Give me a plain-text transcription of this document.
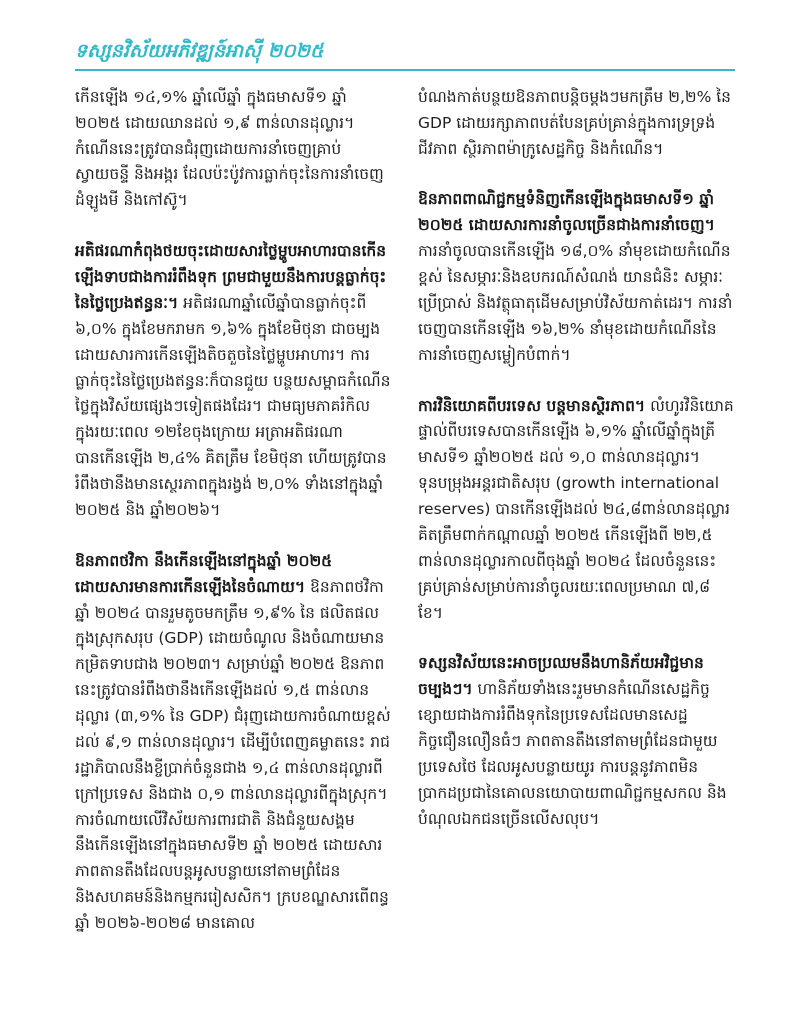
ទស្សនវិស័យអភិវឌ្ឍន៍អាស៊ី ២០២៥

កើនឡើង ១៤,១% ឆ្នាំលើឆ្នាំ ក្នុងធមាសទី១ ឆ្នាំ ២០២៥ ដោយឈានដល់ ១,៩ ពាន់លានដុល្លារ។ កំណើននេះត្រូវបានជំរុញដោយការនាំចេញគ្រាប់ស្វាយចន្ទី និងអង្ករ ដែលប៉ះប៉ូវការធ្លាក់ចុះនៃការនាំចេញដំឡូងមី និងកៅស៊ូ។

អតិផរណាកំពុងថយចុះដោយសារថ្លៃម្ហូបអាហារបានកើនឡើងទាបជាងការរំពឹងទុក ព្រមជាមួយនឹងការបន្តធ្លាក់ចុះនៃថ្លៃប្រេងឥន្ធនៈ។ អតិផរណាឆ្នាំលើឆ្នាំបានធ្លាក់ចុះពី ៦,០% ក្នុងខែមករាមក ១,៦% ក្នុងខែមិថុនា ជាចម្បងដោយសារការកើនឡើងតិចតួចនៃថ្លៃម្ហូបអាហារ។ ការធ្លាក់ចុះនៃថ្លៃប្រេងឥន្ធនៈក៏បានជួយ បន្ថយសម្ពាធកំណើនថ្លៃក្នុងវិស័យផ្សេងៗទៀតផងដែរ។ ជាមធ្យមភាគរំកិលក្នុងរយៈពេល ១២ខែចុងក្រោយ អត្រាអតិផរណាបានកើនឡើង ២,៤% គិតត្រឹម ខែមិថុនា ហើយត្រូវបានរំពឹងថានឹងមានស្ថេរភាពក្នុងរង្វង់ ២,០% ទាំងនៅក្នុងឆ្នាំ ២០២៥ និង ឆ្នាំ២០២៦។

ឱនភាពថវិកា នឹងកើនឡើងនៅក្នុងឆ្នាំ ២០២៥ ដោយសារមានការកើនឡើងនៃចំណាយ។ ឱនភាពថវិកាឆ្នាំ ២០២៤ បានរួមតូចមកត្រឹម ១,៩% នៃ ផលិតផលក្នុងស្រុកសរុប (GDP) ដោយចំណូល និងចំណាយមានកម្រិតទាបជាង ២០២៣។ សម្រាប់ឆ្នាំ ២០២៥ ឱនភាពនេះត្រូវបានរំពឹងថានឹងកើនឡើងដល់ ១,៥ ពាន់លានដុល្លារ (៣,១% នៃ GDP) ជំរុញដោយការចំណាយខ្ពស់ដល់ ៩,១ ពាន់លានដុល្លារ។ ដើម្បីបំពេញគម្លាតនេះ រាជរដ្ឋាភិបាលនឹងខ្ចីប្រាក់ចំនួនជាង ១,៤ ពាន់លានដុល្លារពីក្រៅប្រទេស និងជាង ០,១ ពាន់លានដុល្លារពីក្នុងស្រុក។ ការចំណាយលើវិស័យការពារជាតិ និងជំនួយសង្គមនឹងកើនឡើងនៅក្នុងធមាសទី២ ឆ្នាំ ២០២៥ ដោយសារភាពតានតឹងដែលបន្តអូសបន្លាយនៅតាមព្រំដែន និងសហគមន៍និងកម្មកររៀសសិក។ ក្របខណ្ឌសារពើពន្ធឆ្នាំ ២០២៦-២០២៨ មានគោល

បំណងកាត់បន្ថយឱនភាពបន្តិចម្តងៗមកត្រឹម ២,២% នៃ GDP ដោយរក្សាភាពបត់បែនគ្រប់គ្រាន់ក្នុងការទ្រទ្រង់ជីវភាព ស្ថិរភាពម៉ាក្រូសេដ្ឋកិច្ច និងកំណើន។

ឱនភាពពាណិជ្ជកម្មទំនិញកើនឡើងក្នុងធមាសទី១ ឆ្នាំ ២០២៥ ដោយសារការនាំចូលច្រើនជាងការនាំចេញ។ ការនាំចូលបានកើនឡើង ១៨,០% នាំមុខដោយកំណើនខ្ពស់ នៃសម្ភារៈនិងឧបករណ៍សំណង់ យានជំនិះ សម្ភារៈប្រើប្រាស់ និងវត្ថុធាតុដើមសម្រាប់វិស័យកាត់ដេរ។ ការនាំចេញបានកើនឡើង ១៦,២% នាំមុខដោយកំណើននៃការនាំចេញសម្លៀកបំពាក់។

ការវិនិយោគពីបរទេស បន្តមានស្ថិរភាព។ លំហូរវិនិយោគផ្ទាល់ពីបរទេសបានកើនឡើង ៦,១% ឆ្នាំលើឆ្នាំក្នុងត្រីមាសទី១ ឆ្នាំ២០២៥ ដល់ ១,០ ពាន់លានដុល្លារ។ ទុនបម្រុងអន្តរជាតិសរុប (growth international reserves) បានកើនឡើងដល់ ២៤,៨ពាន់លានដុល្លារ គិតត្រឹមពាក់កណ្តាលឆ្នាំ ២០២៥ កើនឡើងពី ២២,៥ ពាន់លានដុល្លារកាលពីចុងឆ្នាំ ២០២៤ ដែលចំនួននេះគ្រប់គ្រាន់សម្រាប់ការនាំចូលរយៈពេលប្រមាណ ៧,៨ ខែ។

ទស្សនវិស័យនេះអាចប្រឈមនឹងហានិភ័យអវិជ្ជមានចម្បងៗ។ ហានិភ័យទាំងនេះរួមមានកំណើនសេដ្ឋកិច្ចខ្សោយជាងការរំពឹងទុកនៃប្រទេសដែលមានសេដ្ឋកិច្ចជឿនលឿនធំៗ ភាពតានតឹងនៅតាមព្រំដែនជាមួយប្រទេសថៃ ដែលអូសបន្លាយយូរ ការបន្តនូវភាពមិនប្រាកដប្រជានៃគោលនយោបាយពាណិជ្ជកម្មសកល និងបំណុលឯកជនច្រើនលើសលុប។
